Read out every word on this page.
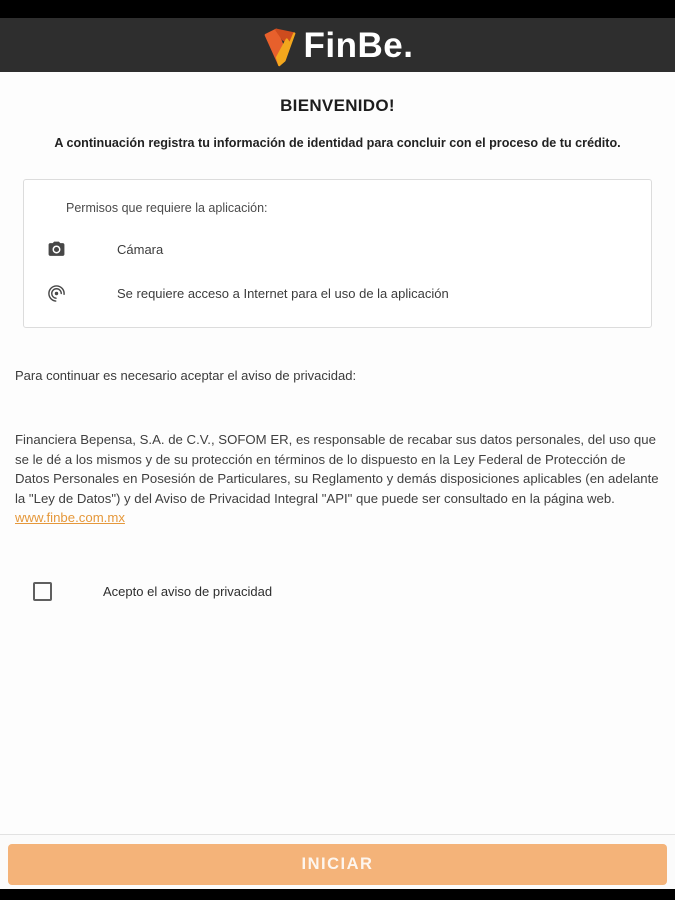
FinBe.
BIENVENIDO!
A continuación registra tu información de identidad para concluir con el proceso de tu crédito.
Permisos que requiere la aplicación:
Cámara
Se requiere acceso a Internet para el uso de la aplicación
Para continuar es necesario aceptar el aviso de privacidad:
Financiera Bepensa, S.A. de C.V., SOFOM ER, es responsable de recabar sus datos personales, del uso que se le dé a los mismos y de su protección en términos de lo dispuesto en la Ley Federal de Protección de Datos Personales en Posesión de Particulares, su Reglamento y demás disposiciones aplicables (en adelante la "Ley de Datos") y del Aviso de Privacidad Integral "API" que puede ser consultado en la página web. www.finbe.com.mx
Acepto el aviso de privacidad
INICIAR
